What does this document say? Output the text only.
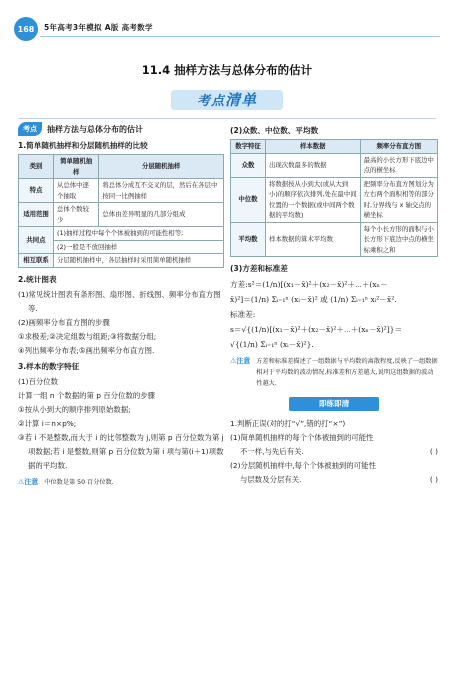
168	5年高考3年模拟 A版 高考数学
11.4 抽样方法与总体分布的估计
考点清单
考点	抽样方法与总体分布的估计
1.简单随机抽样和分层随机抽样的比较
类别	简单随机抽样	分层随机抽样
特点	从总体中逐个抽取	将总体分成互不交叉的层，然后在各层中按同一比例抽样
适用范围	总体个数较少	总体由差异明显的几部分组成
共同点	(1)抽样过程中每个个体被抽到的可能性相等;	
	(2)一般是不放回抽样	
相互联系	分层随机抽样中，各层抽样时采用简单随机抽样	
2.统计图表
(1)常见统计图表有条形图、扇形图、折线图、频率分布直方图等.
(2)画频率分布直方图的步骤
①求极差;②决定组数与组距;③将数据分组;
④列出频率分布表;⑤画出频率分布直方图.
3.样本的数字特征
(1)百分位数
计算一组 n 个数据的第 p 百分位数的步骤
①按从小到大的顺序排列原始数据;
②计算 i＝n×p%;
③若 i 不是整数,而大于 i 的比邻整数为 j,则第 p 百分位数为第 j 项数据;若 i 是整数,则第 p 百分位数为第 i 项与第(i＋1)项数据的平均数.
⚠注意 中位数是第 50 百分位数.
(2)众数、中位数、平均数
数字特征	样本数据	频率分布直方图
众数	出现次数最多的数据	最高的小长方形下底边中点的横坐标
中位数	将数据按从小到大(或从大到小)的顺序依次排列,处在最中间位置的一个数据(或中间两个数据的平均数)	把频率分布直方图划分为左右两个面积相等的部分时,分界线与 x 轴交点的横坐标
平均数	样本数据的算术平均数	每个小长方形的面积与小长方形下底边中点的横坐标乘积之和
(3)方差和标准差
方差:s²＝(1/n)[(x₁－x̄)²＋(x₂－x̄)²＋⋯＋(xₙ－
x̄)²]＝(1/n) Σᵢ₌₁ⁿ (xᵢ－x̄)² 或 (1/n) Σᵢ₌₁ⁿ xᵢ²－x̄².
标准差:
s＝√{(1/n)[(x₁－x̄)²＋(x₂－x̄)²＋⋯＋(xₙ－x̄)²]}＝
√{(1/n) Σᵢ₌₁ⁿ (xᵢ－x̄)²}.
⚠注意 方差和标准差描述了一组数据与平均数的离散程度,反映了一组数据相对于平均数的波动情况,标准差和方差越大,说明这组数据的波动性越大.
即练即清
1.判断正误(对的打“√”,错的打“×”)
(1)简单随机抽样的每个个体被抽到的可能性
不一样,与先后有关.	( )
(2)分层随机抽样中,每个个体被抽到的可能性
与层数及分层有关.	( )
